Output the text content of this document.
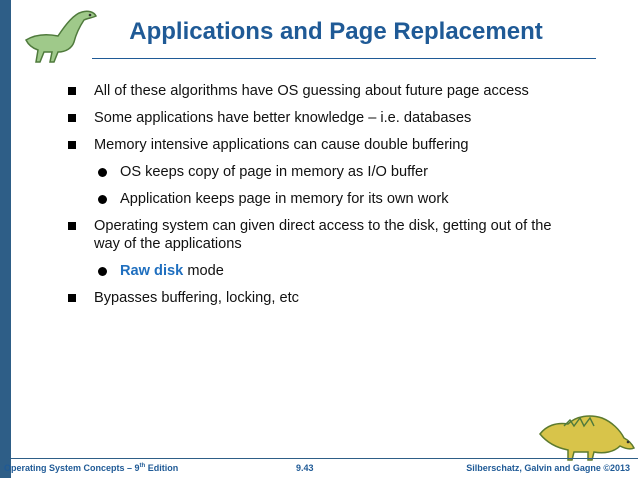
Applications and Page Replacement
All of these algorithms have OS guessing about future page access
Some applications have better knowledge – i.e. databases
Memory intensive applications can cause double buffering
OS keeps copy of page in memory as I/O buffer
Application keeps page in memory for its own work
Operating system can given direct access to the disk, getting out of the way of the applications
Raw disk mode
Bypasses buffering, locking, etc
Operating System Concepts – 9th Edition	9.43	Silberschatz, Galvin and Gagne ©2013
